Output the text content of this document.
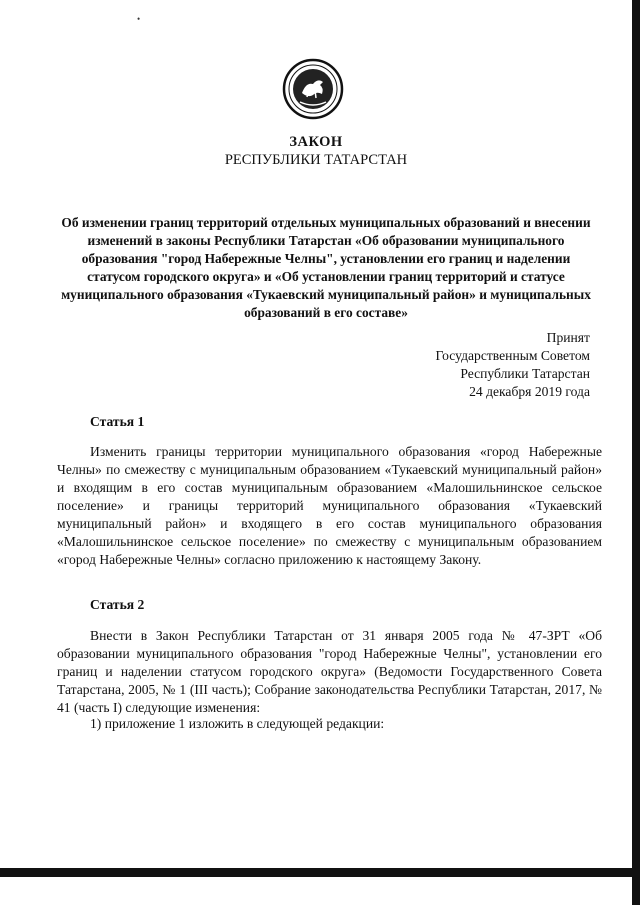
•
ЗАКОН
РЕСПУБЛИКИ ТАТАРСТАН
Об изменении границ территорий отдельных муниципальных образований и внесении изменений в законы Республики Татарстан «Об образовании муниципального образования "город Набережные Челны", установлении его границ и наделении статусом городского округа» и «Об установлении границ территорий и статусе муниципального образования «Тукаевский муниципальный район» и муниципальных образований в его составе»
Принят
Государственным Советом
Республики Татарстан
24 декабря 2019 года
Статья 1
Изменить границы территории муниципального образования «город Набережные Челны» по смежеству с муниципальным образованием «Тукаевский муниципальный район» и входящим в его состав муниципальным образованием «Малошильнинское сельское поселение» и границы территорий муниципального образования «Тукаевский муниципальный район» и входящего в его состав муниципального образования «Малошильнинское сельское поселение» по смежеству с муниципальным образованием «город Набережные Челны» согласно приложению к настоящему Закону.
Статья 2
Внести в Закон Республики Татарстан от 31 января 2005 года № 47-ЗРТ «Об образовании муниципального образования "город Набережные Челны", установлении его границ и наделении статусом городского округа» (Ведомости Государственного Совета Татарстана, 2005, № 1 (III часть); Собрание законодательства Республики Татарстан, 2017, № 41 (часть I) следующие изменения:
1) приложение 1 изложить в следующей редакции:
